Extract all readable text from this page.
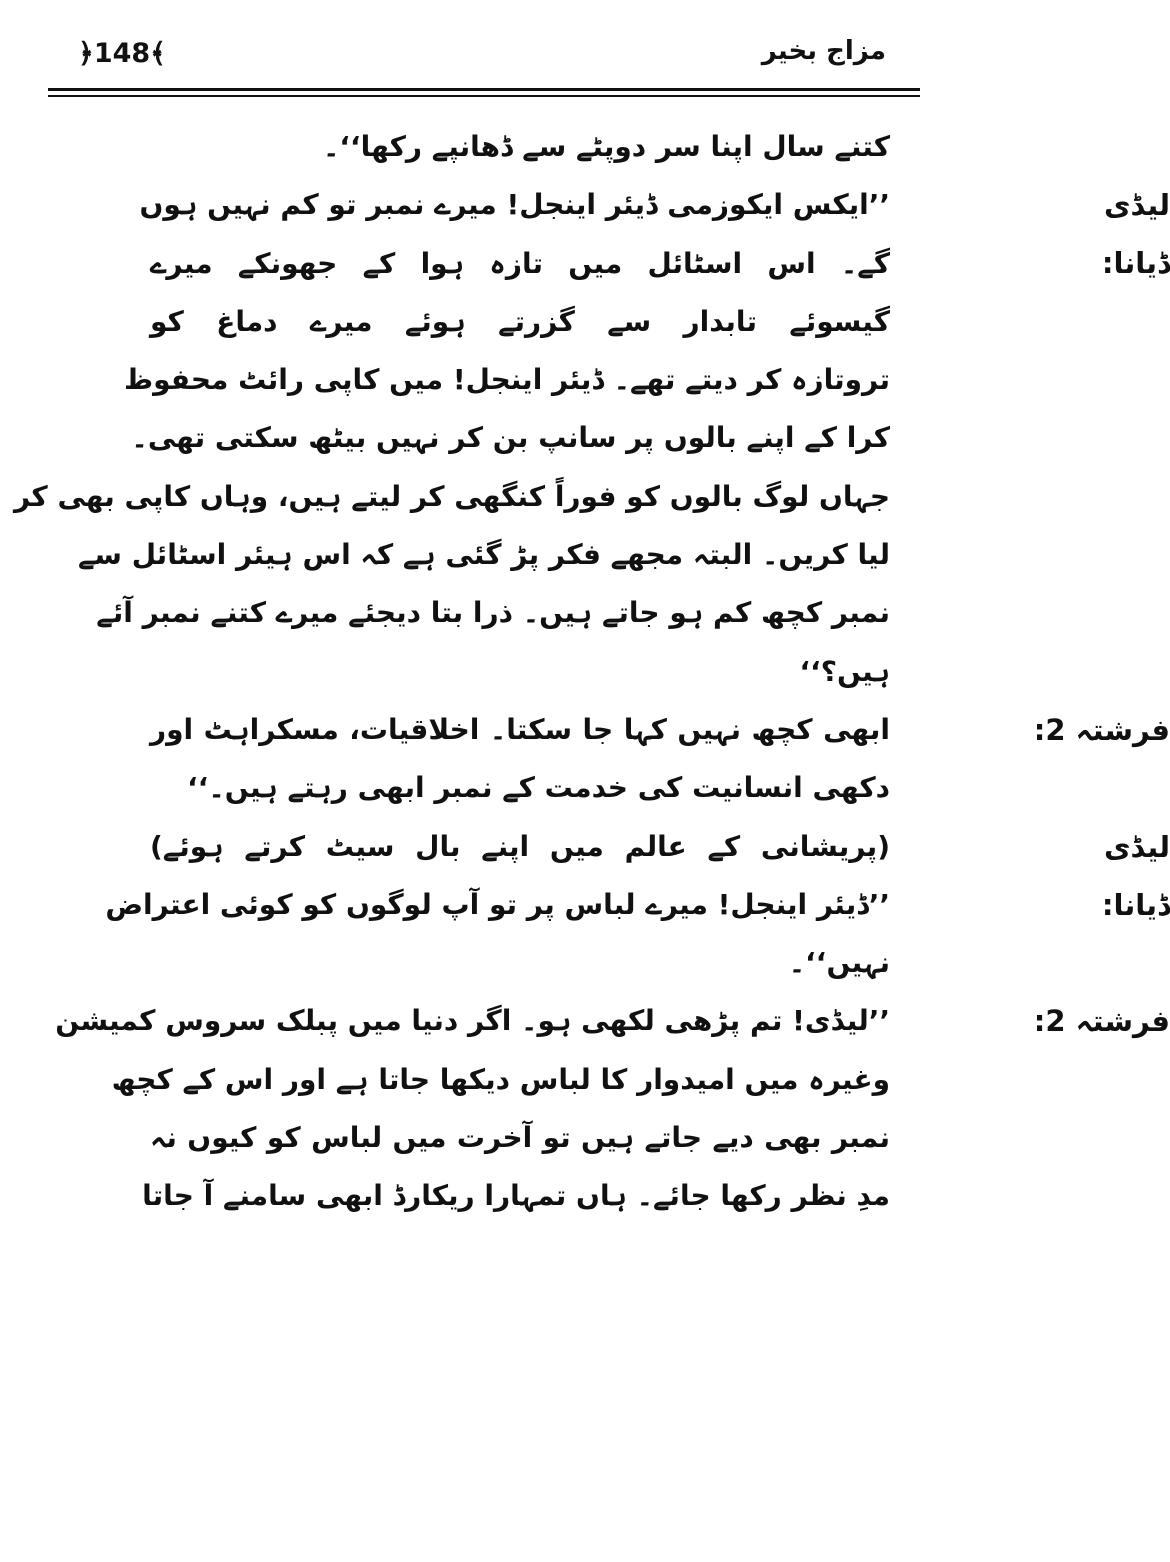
﴿148﴾	مزاج بخیر
کتنے سال اپنا سر دوپٹے سے ڈھانپے رکھا‘‘۔
لیڈی ڈیانا:
’’ایکس ایکوزمی ڈیئر اینجل! میرے نمبر تو کم نہیں ہوں
گے۔ اس اسٹائل میں تازہ ہوا کے جھونکے میرے
گیسوئے تابدار سے گزرتے ہوئے میرے دماغ کو
تروتازہ کر دیتے تھے۔ ڈیئر اینجل! میں کاپی رائٹ محفوظ
کرا کے اپنے بالوں پر سانپ بن کر نہیں بیٹھ سکتی تھی۔
جہاں لوگ بالوں کو فوراً کنگھی کر لیتے ہیں، وہاں کاپی بھی کر
لیا کریں۔ البتہ مجھے فکر پڑ گئی ہے کہ اس ہیئر اسٹائل سے
نمبر کچھ کم ہو جاتے ہیں۔ ذرا بتا دیجئے میرے کتنے نمبر آئے
ہیں؟‘‘
فرشتہ 2:
ابھی کچھ نہیں کہا جا سکتا۔ اخلاقیات، مسکراہٹ اور
دکھی انسانیت کی خدمت کے نمبر ابھی رہتے ہیں۔‘‘
لیڈی ڈیانا:
(پریشانی کے عالم میں اپنے بال سیٹ کرتے ہوئے)
’’ڈیئر اینجل! میرے لباس پر تو آپ لوگوں کو کوئی اعتراض
نہیں‘‘۔
فرشتہ 2:
’’لیڈی! تم پڑھی لکھی ہو۔ اگر دنیا میں پبلک سروس کمیشن
وغیرہ میں امیدوار کا لباس دیکھا جاتا ہے اور اس کے کچھ
نمبر بھی دیے جاتے ہیں تو آخرت میں لباس کو کیوں نہ
مدِ نظر رکھا جائے۔ ہاں تمہارا ریکارڈ ابھی سامنے آ جاتا
